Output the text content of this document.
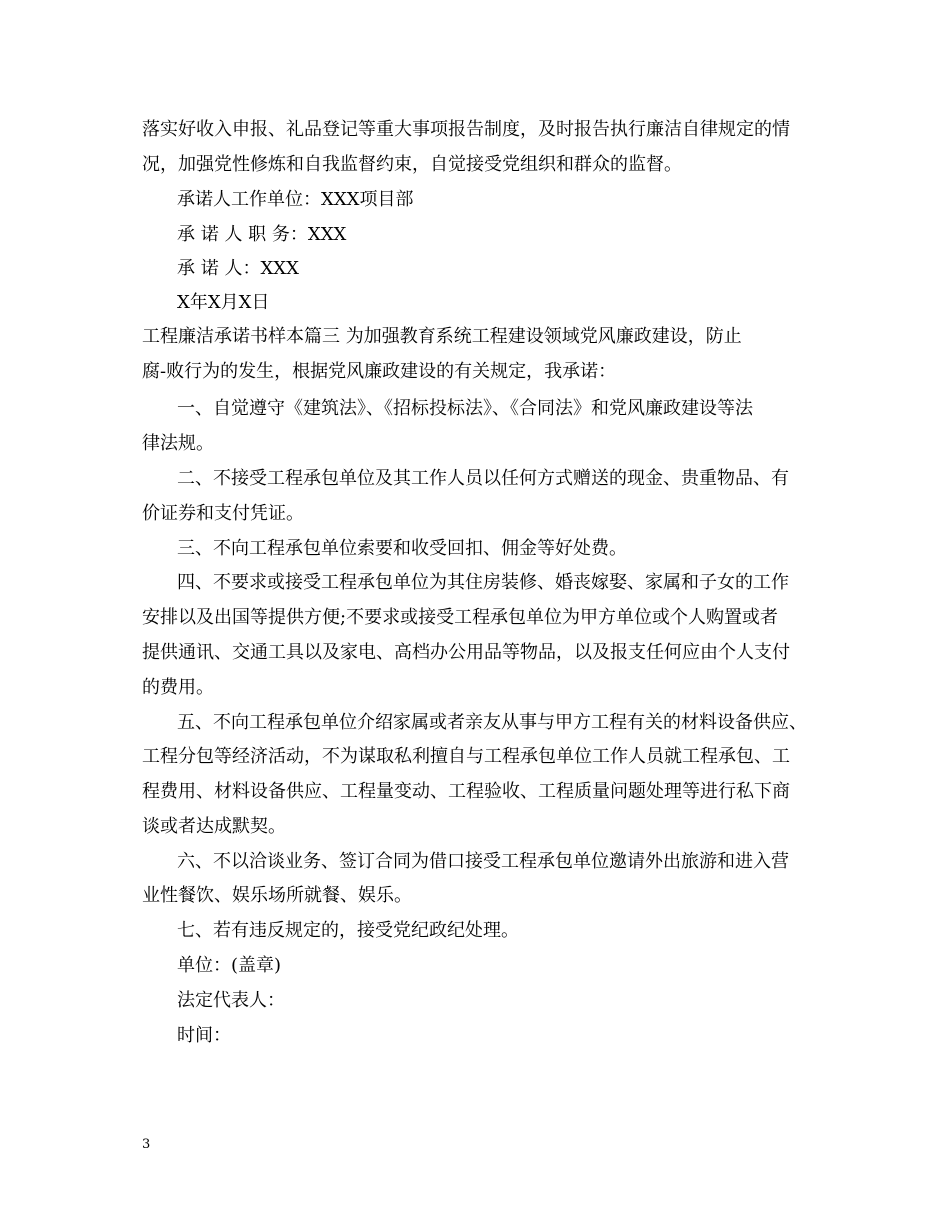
落实好收入申报、礼品登记等重大事项报告制度，及时报告执行廉洁自律规定的情

况，加强党性修炼和自我监督约束，自觉接受党组织和群众的监督。

承诺人工作单位：XXX项目部

承 诺 人 职 务：XXX

承 诺 人：XXX

X年X月X日

工程廉洁承诺书样本篇三 为加强教育系统工程建设领域党风廉政建设，防止

腐-败行为的发生，根据党风廉政建设的有关规定，我承诺：

一、自觉遵守《建筑法》、《招标投标法》、《合同法》和党风廉政建设等法

律法规。

二、不接受工程承包单位及其工作人员以任何方式赠送的现金、贵重物品、有

价证券和支付凭证。

三、不向工程承包单位索要和收受回扣、佣金等好处费。

四、不要求或接受工程承包单位为其住房装修、婚丧嫁娶、家属和子女的工作

安排以及出国等提供方便;不要求或接受工程承包单位为甲方单位或个人购置或者

提供通讯、交通工具以及家电、高档办公用品等物品，以及报支任何应由个人支付

的费用。

五、不向工程承包单位介绍家属或者亲友从事与甲方工程有关的材料设备供应、

工程分包等经济活动，不为谋取私利擅自与工程承包单位工作人员就工程承包、工

程费用、材料设备供应、工程量变动、工程验收、工程质量问题处理等进行私下商

谈或者达成默契。

六、不以洽谈业务、签订合同为借口接受工程承包单位邀请外出旅游和进入营

业性餐饮、娱乐场所就餐、娱乐。

七、若有违反规定的，接受党纪政纪处理。

单位：(盖章)

法定代表人：

时间：

3
